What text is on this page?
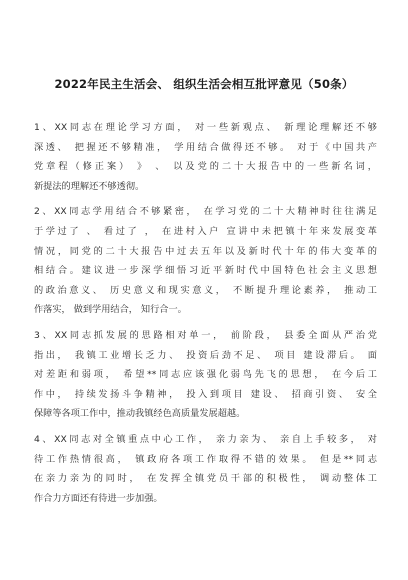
2022年民主生活会、 组织生活会相互批评意见（50条）
1、XX同志在理论学习方面， 对一些新观点、 新理论理解还不够
深透、 把握还不够精准， 学用结合做得还不够。 对于《中国共产
党章程（修正案） 》 、 以及党的二十大报告中的一些新名词，
新提法的理解还不够透彻。
2、XX同志学用结合不够紧密， 在学习党的二十大精神时往往满足
于学过了 、 看过了 ， 在进村入户 宣讲中未把镇十年来发展变革
情况，同党的二十大报告中过去五年以及新时代十年的伟大变革的
相结合。建议进一步深学细悟习近平新时代中国特色社会主义思想
的政治意义、 历史意义和现实意义， 不断提升理论素养， 推动工
作落实， 做到学用结合， 知行合一。
3、XX同志抓发展的思路相对单一， 前阶段， 县委全面从严治党
指出， 我镇工业增长乏力、 投资后劲不足、 项目 建设滞后。 面
对差距和弱项， 希望**同志应该强化弱鸟先飞的思想， 在今后工
作中， 持续发扬斗争精神， 投入到项目 建设、 招商引资、 安全
保障等各项工作中，推动我镇经色高质量发展超越。
4、XX同志对全镇重点中心工作， 亲力亲为、 亲自上手较多， 对
待工作热情很高， 镇政府各项工作取得不错的效果。 但是**同志
在亲力亲为的同时， 在发挥全镇党员干部的积极性， 调动整体工
作合力方面还有待进一步加强。
